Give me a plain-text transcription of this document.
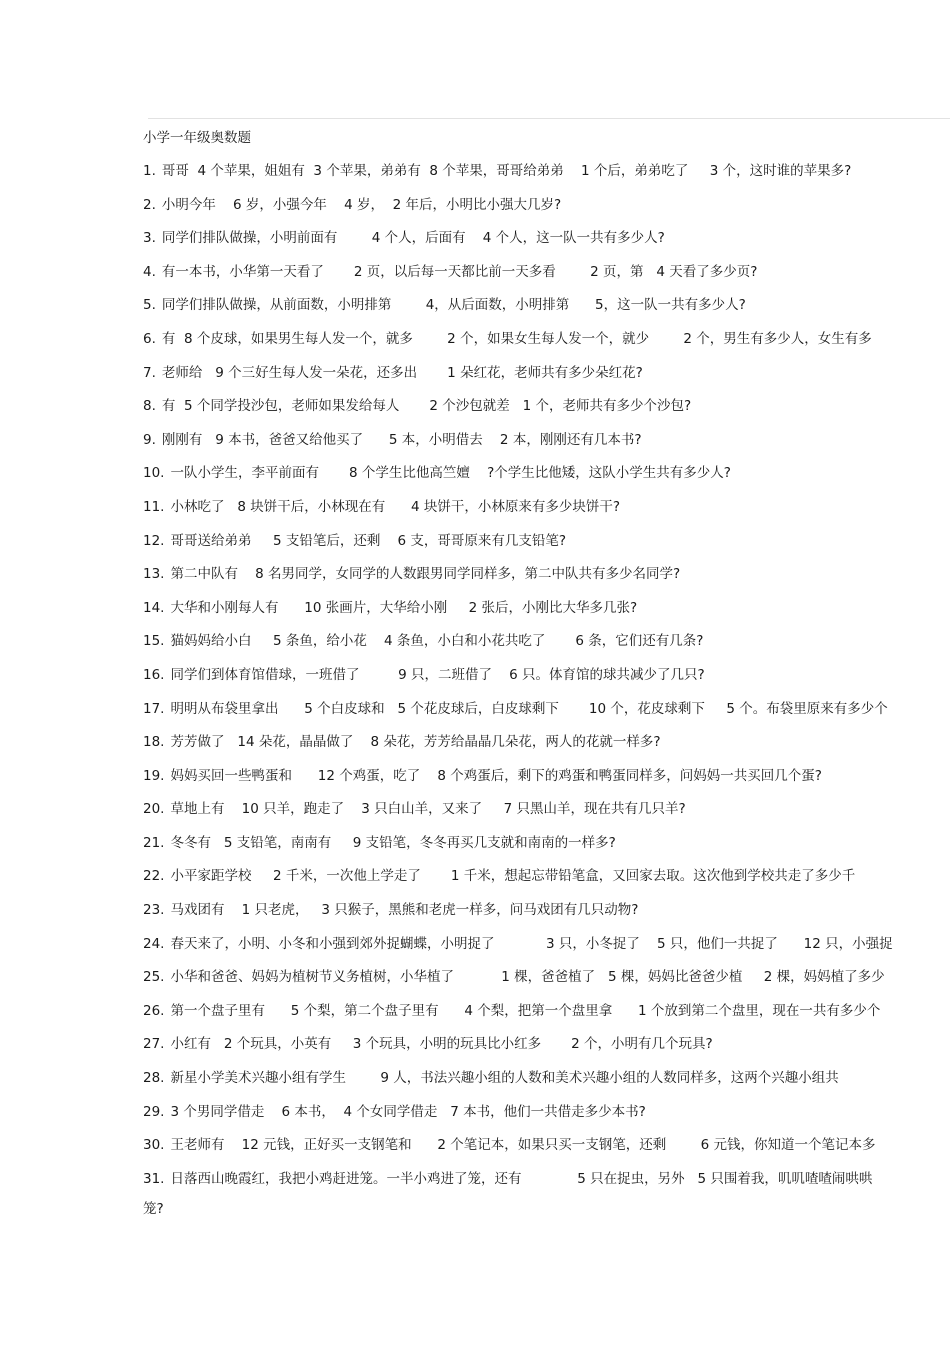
小学一年级奥数题
1. 哥哥  4 个苹果，姐姐有  3 个苹果，弟弟有  8 个苹果，哥哥给弟弟    1 个后，弟弟吃了     3 个，这时谁的苹果多?
2. 小明今年    6 岁，小强今年    4 岁，  2 年后，小明比小强大几岁?
3. 同学们排队做操，小明前面有        4 个人，后面有    4 个人，这一队一共有多少人?
4. 有一本书，小华第一天看了       2 页，以后每一天都比前一天多看        2 页，第   4 天看了多少页?
5. 同学们排队做操，从前面数，小明排第        4，从后面数，小明排第      5，这一队一共有多少人?
6. 有  8 个皮球，如果男生每人发一个，就多        2 个，如果女生每人发一个，就少        2 个，男生有多少人，女生有多
7. 老师给   9 个三好生每人发一朵花，还多出       1 朵红花，老师共有多少朵红花?
8. 有  5 个同学投沙包，老师如果发给每人       2 个沙包就差   1 个，老师共有多少个沙包?
9. 刚刚有   9 本书，爸爸又给他买了      5 本，小明借去    2 本，刚刚还有几本书?
10. 一队小学生，李平前面有       8 个学生比他高竺嬗    ?个学生比他矮，这队小学生共有多少人?
11. 小林吃了   8 块饼干后，小林现在有      4 块饼干，小林原来有多少块饼干?
12. 哥哥送给弟弟     5 支铅笔后，还剩    6 支，哥哥原来有几支铅笔?
13. 第二中队有    8 名男同学，女同学的人数跟男同学同样多，第二中队共有多少名同学?
14. 大华和小刚每人有      10 张画片，大华给小刚     2 张后，小刚比大华多几张?
15. 猫妈妈给小白     5 条鱼，给小花    4 条鱼，小白和小花共吃了       6 条，它们还有几条?
16. 同学们到体育馆借球，一班借了         9 只，二班借了    6 只。体育馆的球共减少了几只?
17. 明明从布袋里拿出      5 个白皮球和   5 个花皮球后，白皮球剩下       10 个，花皮球剩下     5 个。布袋里原来有多少个
18. 芳芳做了   14 朵花，晶晶做了    8 朵花，芳芳给晶晶几朵花，两人的花就一样多?
19. 妈妈买回一些鸭蛋和      12 个鸡蛋，吃了    8 个鸡蛋后，剩下的鸡蛋和鸭蛋同样多，问妈妈一共买回几个蛋?
20. 草地上有    10 只羊，跑走了    3 只白山羊，又来了     7 只黑山羊，现在共有几只羊?
21. 冬冬有   5 支铅笔，南南有     9 支铅笔，冬冬再买几支就和南南的一样多?
22. 小平家距学校     2 千米，一次他上学走了       1 千米，想起忘带铅笔盒，又回家去取。这次他到学校共走了多少千
23. 马戏团有    1 只老虎，   3 只猴子，黑熊和老虎一样多，问马戏团有几只动物?
24. 春天来了，小明、小冬和小强到郊外捉蝴蝶，小明捉了            3 只，小冬捉了    5 只，他们一共捉了      12 只，小强捉
25. 小华和爸爸、妈妈为植树节义务植树，小华植了           1 棵，爸爸植了   5 棵，妈妈比爸爸少植     2 棵，妈妈植了多少
26. 第一个盘子里有      5 个梨，第二个盘子里有      4 个梨，把第一个盘里拿      1 个放到第二个盘里，现在一共有多少个
27. 小红有   2 个玩具，小英有     3 个玩具，小明的玩具比小红多       2 个，小明有几个玩具?
28. 新星小学美术兴趣小组有学生        9 人，书法兴趣小组的人数和美术兴趣小组的人数同样多，这两个兴趣小组共
29. 3 个男同学借走    6 本书，  4 个女同学借走   7 本书，他们一共借走多少本书?
30. 王老师有    12 元钱，正好买一支钢笔和      2 个笔记本，如果只买一支钢笔，还剩        6 元钱，你知道一个笔记本多
31. 日落西山晚霞红，我把小鸡赶进笼。一半小鸡进了笼，还有             5 只在捉虫，另外   5 只围着我，叽叽喳喳闹哄哄
笼?
